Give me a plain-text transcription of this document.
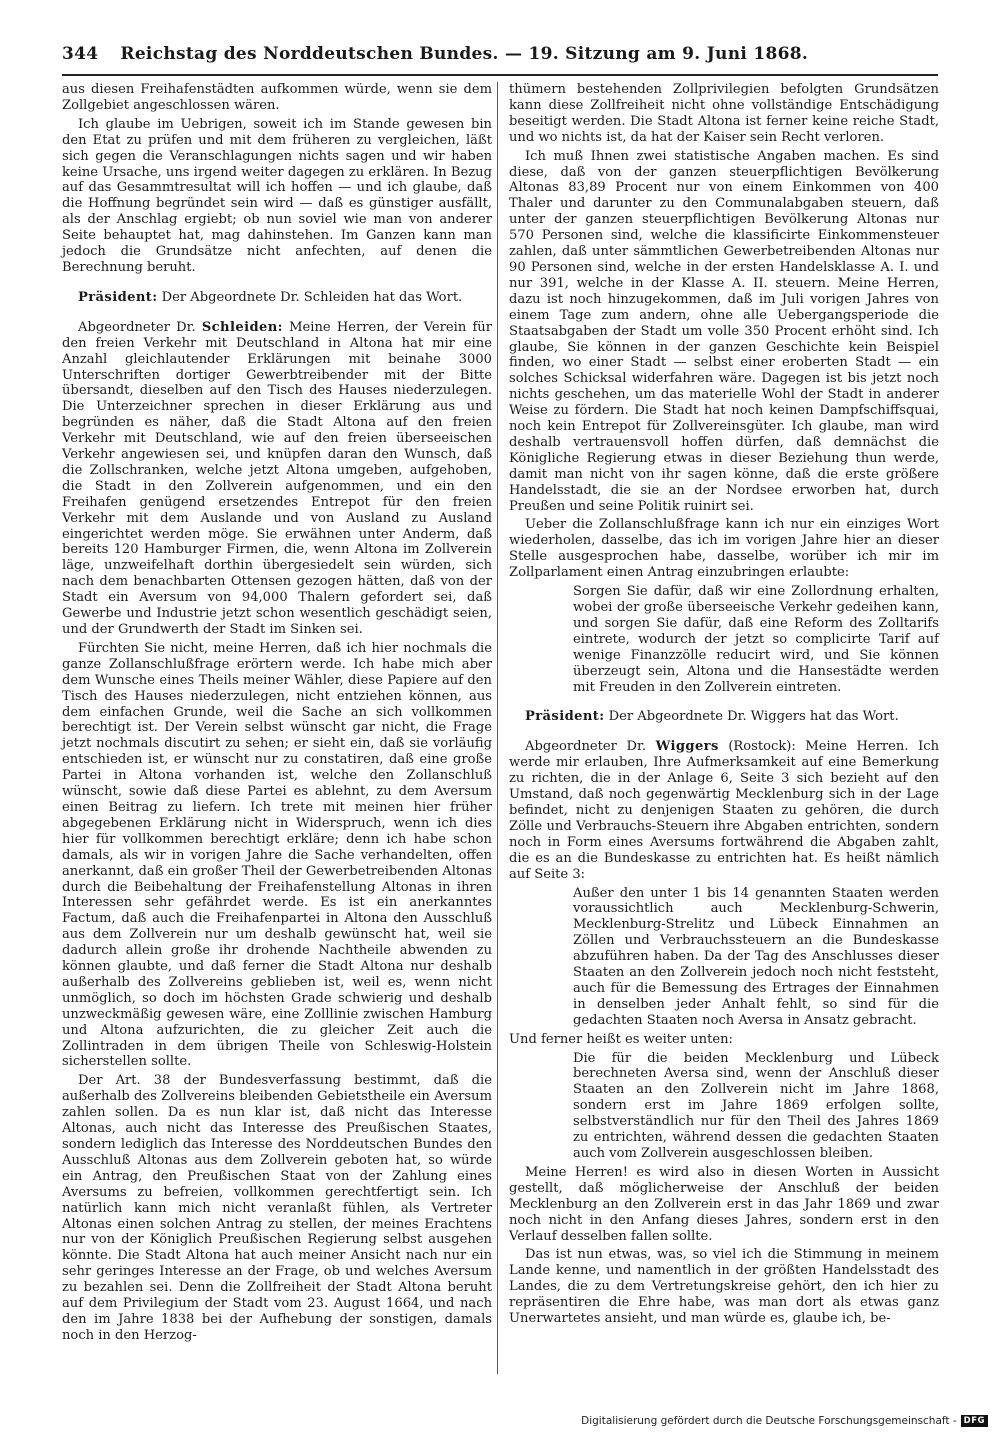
344 Reichstag des Norddeutschen Bundes. — 19. Sitzung am 9. Juni 1868.

aus diesen Freihafenstädten aufkommen würde, wenn sie dem Zollgebiet angeschlossen wären.

Ich glaube im Uebrigen, soweit ich im Stande gewesen bin den Etat zu prüfen und mit dem früheren zu vergleichen, läßt sich gegen die Veranschlagungen nichts sagen und wir haben keine Ursache, uns irgend weiter dagegen zu erklären. In Bezug auf das Gesammtresultat will ich hoffen — und ich glaube, daß die Hoffnung begründet sein wird — daß es günstiger ausfällt, als der Anschlag ergiebt; ob nun soviel wie man von anderer Seite behauptet hat, mag dahinstehen. Im Ganzen kann man jedoch die Grundsätze nicht anfechten, auf denen die Berechnung beruht.

Präsident: Der Abgeordnete Dr. Schleiden hat das Wort.

Abgeordneter Dr. Schleiden: Meine Herren, der Verein für den freien Verkehr mit Deutschland in Altona hat mir eine Anzahl gleichlautender Erklärungen mit beinahe 3000 Unterschriften dortiger Gewerbtreibender mit der Bitte übersandt, dieselben auf den Tisch des Hauses niederzulegen. Die Unterzeichner sprechen in dieser Erklärung aus und begründen es näher, daß die Stadt Altona auf den freien Verkehr mit Deutschland, wie auf den freien überseeischen Verkehr angewiesen sei, und knüpfen daran den Wunsch, daß die Zollschranken, welche jetzt Altona umgeben, aufgehoben, die Stadt in den Zollverein aufgenommen, und ein den Freihafen genügend ersetzendes Entrepot für den freien Verkehr mit dem Auslande und von Ausland zu Ausland eingerichtet werden möge. Sie erwähnen unter Anderm, daß bereits 120 Hamburger Firmen, die, wenn Altona im Zollverein läge, unzweifelhaft dorthin übergesiedelt sein würden, sich nach dem benachbarten Ottensen gezogen hätten, daß von der Stadt ein Aversum von 94,000 Thalern gefordert sei, daß Gewerbe und Industrie jetzt schon wesentlich geschädigt seien, und der Grundwerth der Stadt im Sinken sei.

Fürchten Sie nicht, meine Herren, daß ich hier nochmals die ganze Zollanschlußfrage erörtern werde. Ich habe mich aber dem Wunsche eines Theils meiner Wähler, diese Papiere auf den Tisch des Hauses niederzulegen, nicht entziehen können, aus dem einfachen Grunde, weil die Sache an sich vollkommen berechtigt ist. Der Verein selbst wünscht gar nicht, die Frage jetzt nochmals discutirt zu sehen; er sieht ein, daß sie vorläufig entschieden ist, er wünscht nur zu constatiren, daß eine große Partei in Altona vorhanden ist, welche den Zollanschluß wünscht, sowie daß diese Partei es ablehnt, zu dem Aversum einen Beitrag zu liefern. Ich trete mit meinen hier früher abgegebenen Erklärung nicht in Widerspruch, wenn ich dies hier für vollkommen berechtigt erkläre; denn ich habe schon damals, als wir in vorigen Jahre die Sache verhandelten, offen anerkannt, daß ein großer Theil der Gewerbetreibenden Altonas durch die Beibehaltung der Freihafenstellung Altonas in ihren Interessen sehr gefährdet werde. Es ist ein anerkanntes Factum, daß auch die Freihafenpartei in Altona den Ausschluß aus dem Zollverein nur um deshalb gewünscht hat, weil sie dadurch allein große ihr drohende Nachtheile abwenden zu können glaubte, und daß ferner die Stadt Altona nur deshalb außerhalb des Zollvereins geblieben ist, weil es, wenn nicht unmöglich, so doch im höchsten Grade schwierig und deshalb unzweckmäßig gewesen wäre, eine Zolllinie zwischen Hamburg und Altona aufzurichten, die zu gleicher Zeit auch die Zollintraden in dem übrigen Theile von Schleswig-Holstein sicherstellen sollte.

Der Art. 38 der Bundesverfassung bestimmt, daß die außerhalb des Zollvereins bleibenden Gebietstheile ein Aversum zahlen sollen. Da es nun klar ist, daß nicht das Interesse Altonas, auch nicht das Interesse des Preußischen Staates, sondern lediglich das Interesse des Norddeutschen Bundes den Ausschluß Altonas aus dem Zollverein geboten hat, so würde ein Antrag, den Preußischen Staat von der Zahlung eines Aversums zu befreien, vollkommen gerechtfertigt sein. Ich natürlich kann mich nicht veranlaßt fühlen, als Vertreter Altonas einen solchen Antrag zu stellen, der meines Erachtens nur von der Königlich Preußischen Regierung selbst ausgehen könnte. Die Stadt Altona hat auch meiner Ansicht nach nur ein sehr geringes Interesse an der Frage, ob und welches Aversum zu bezahlen sei. Denn die Zollfreiheit der Stadt Altona beruht auf dem Privilegium der Stadt vom 23. August 1664, und nach den im Jahre 1838 bei der Aufhebung der sonstigen, damals noch in den Herzog-

thümern bestehenden Zollprivilegien befolgten Grundsätzen kann diese Zollfreiheit nicht ohne vollständige Entschädigung beseitigt werden. Die Stadt Altona ist ferner keine reiche Stadt, und wo nichts ist, da hat der Kaiser sein Recht verloren.

Ich muß Ihnen zwei statistische Angaben machen. Es sind diese, daß von der ganzen steuerpflichtigen Bevölkerung Altonas 83,89 Procent nur von einem Einkommen von 400 Thaler und darunter zu den Communalabgaben steuern, daß unter der ganzen steuerpflichtigen Bevölkerung Altonas nur 570 Personen sind, welche die klassificirte Einkommensteuer zahlen, daß unter sämmtlichen Gewerbetreibenden Altonas nur 90 Personen sind, welche in der ersten Handelsklasse A. I. und nur 391, welche in der Klasse A. II. steuern. Meine Herren, dazu ist noch hinzugekommen, daß im Juli vorigen Jahres von einem Tage zum andern, ohne alle Uebergangsperiode die Staatsabgaben der Stadt um volle 350 Procent erhöht sind. Ich glaube, Sie können in der ganzen Geschichte kein Beispiel finden, wo einer Stadt — selbst einer eroberten Stadt — ein solches Schicksal widerfahren wäre. Dagegen ist bis jetzt noch nichts geschehen, um das materielle Wohl der Stadt in anderer Weise zu fördern. Die Stadt hat noch keinen Dampfschiffsquai, noch kein Entrepot für Zollvereinsgüter. Ich glaube, man wird deshalb vertrauensvoll hoffen dürfen, daß demnächst die Königliche Regierung etwas in dieser Beziehung thun werde, damit man nicht von ihr sagen könne, daß die erste größere Handelsstadt, die sie an der Nordsee erworben hat, durch Preußen und seine Politik ruinirt sei.

Ueber die Zollanschlußfrage kann ich nur ein einziges Wort wiederholen, dasselbe, das ich im vorigen Jahre hier an dieser Stelle ausgesprochen habe, dasselbe, worüber ich mir im Zollparlament einen Antrag einzubringen erlaubte:

Sorgen Sie dafür, daß wir eine Zollordnung erhalten, wobei der große überseeische Verkehr gedeihen kann, und sorgen Sie dafür, daß eine Reform des Zolltarifs eintrete, wodurch der jetzt so complicirte Tarif auf wenige Finanzzölle reducirt wird, und Sie können überzeugt sein, Altona und die Hansestädte werden mit Freuden in den Zollverein eintreten.

Präsident: Der Abgeordnete Dr. Wiggers hat das Wort.

Abgeordneter Dr. Wiggers (Rostock): Meine Herren. Ich werde mir erlauben, Ihre Aufmerksamkeit auf eine Bemerkung zu richten, die in der Anlage 6, Seite 3 sich bezieht auf den Umstand, daß noch gegenwärtig Mecklenburg sich in der Lage befindet, nicht zu denjenigen Staaten zu gehören, die durch Zölle und Verbrauchs-Steuern ihre Abgaben entrichten, sondern noch in Form eines Aversums fortwährend die Abgaben zahlt, die es an die Bundeskasse zu entrichten hat. Es heißt nämlich auf Seite 3:

Außer den unter 1 bis 14 genannten Staaten werden voraussichtlich auch Mecklenburg-Schwerin, Mecklenburg-Strelitz und Lübeck Einnahmen an Zöllen und Verbrauchssteuern an die Bundeskasse abzuführen haben. Da der Tag des Anschlusses dieser Staaten an den Zollverein jedoch noch nicht feststeht, auch für die Bemessung des Ertrages der Einnahmen in denselben jeder Anhalt fehlt, so sind für die gedachten Staaten noch Aversa in Ansatz gebracht.

Und ferner heißt es weiter unten:

Die für die beiden Mecklenburg und Lübeck berechneten Aversa sind, wenn der Anschluß dieser Staaten an den Zollverein nicht im Jahre 1868, sondern erst im Jahre 1869 erfolgen sollte, selbstverständlich nur für den Theil des Jahres 1869 zu entrichten, während dessen die gedachten Staaten auch vom Zollverein ausgeschlossen bleiben.

Meine Herren! es wird also in diesen Worten in Aussicht gestellt, daß möglicherweise der Anschluß der beiden Mecklenburg an den Zollverein erst in das Jahr 1869 und zwar noch nicht in den Anfang dieses Jahres, sondern erst in den Verlauf desselben fallen sollte.

Das ist nun etwas, was, so viel ich die Stimmung in meinem Lande kenne, und namentlich in der größten Handelsstadt des Landes, die zu dem Vertretungskreise gehört, den ich hier zu repräsentiren die Ehre habe, was man dort als etwas ganz Unerwartetes ansieht, und man würde es, glaube ich, be-

Digitalisierung gefördert durch die Deutsche Forschungsgemeinschaft - DFG
